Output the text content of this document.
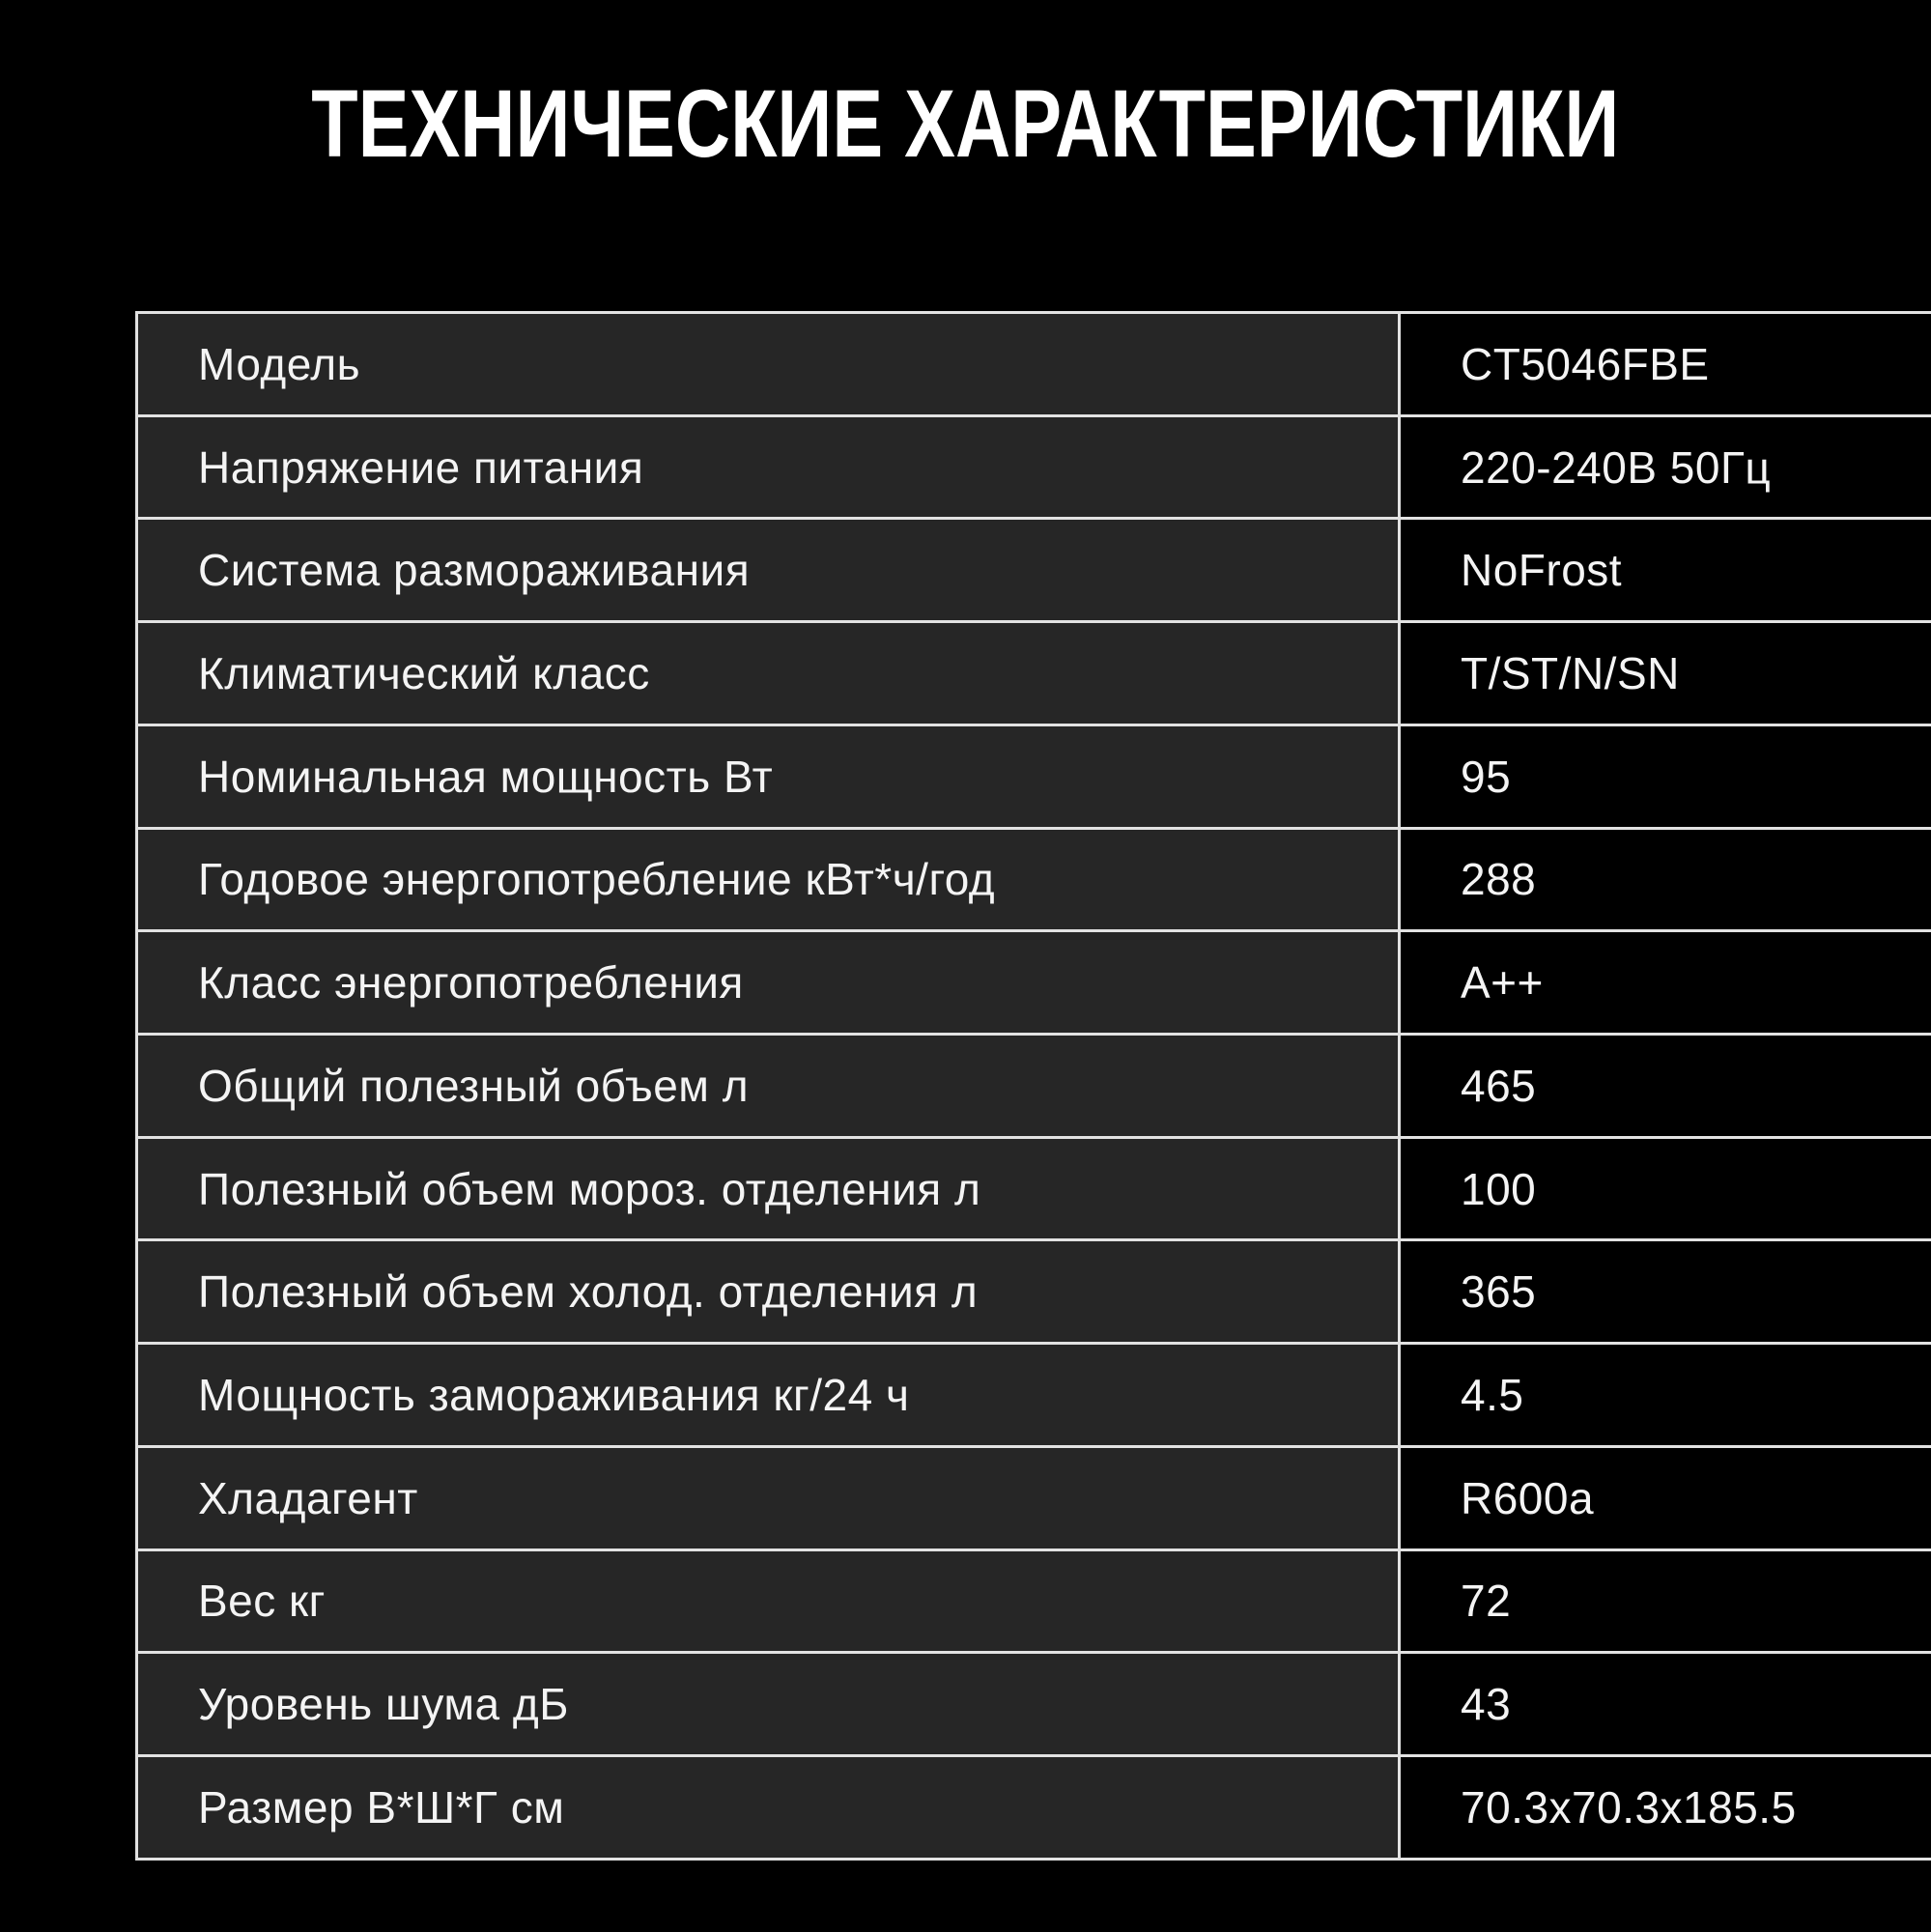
ТЕХНИЧЕСКИЕ ХАРАКТЕРИСТИКИ
Модель	CT5046FBE
Напряжение питания	220-240В 50Гц
Система размораживания	NoFrost
Климатический класс	T/ST/N/SN
Номинальная мощность Вт	95
Годовое энергопотребление кВт*ч/год	288
Класс энергопотребления	A++
Общий полезный объем л	465
Полезный объем мороз. отделения л	100
Полезный объем холод. отделения л	365
Мощность замораживания кг/24 ч	4.5
Хладагент	R600a
Вес кг	72
Уровень шума дБ	43
Размер В*Ш*Г см	70.3x70.3x185.5
